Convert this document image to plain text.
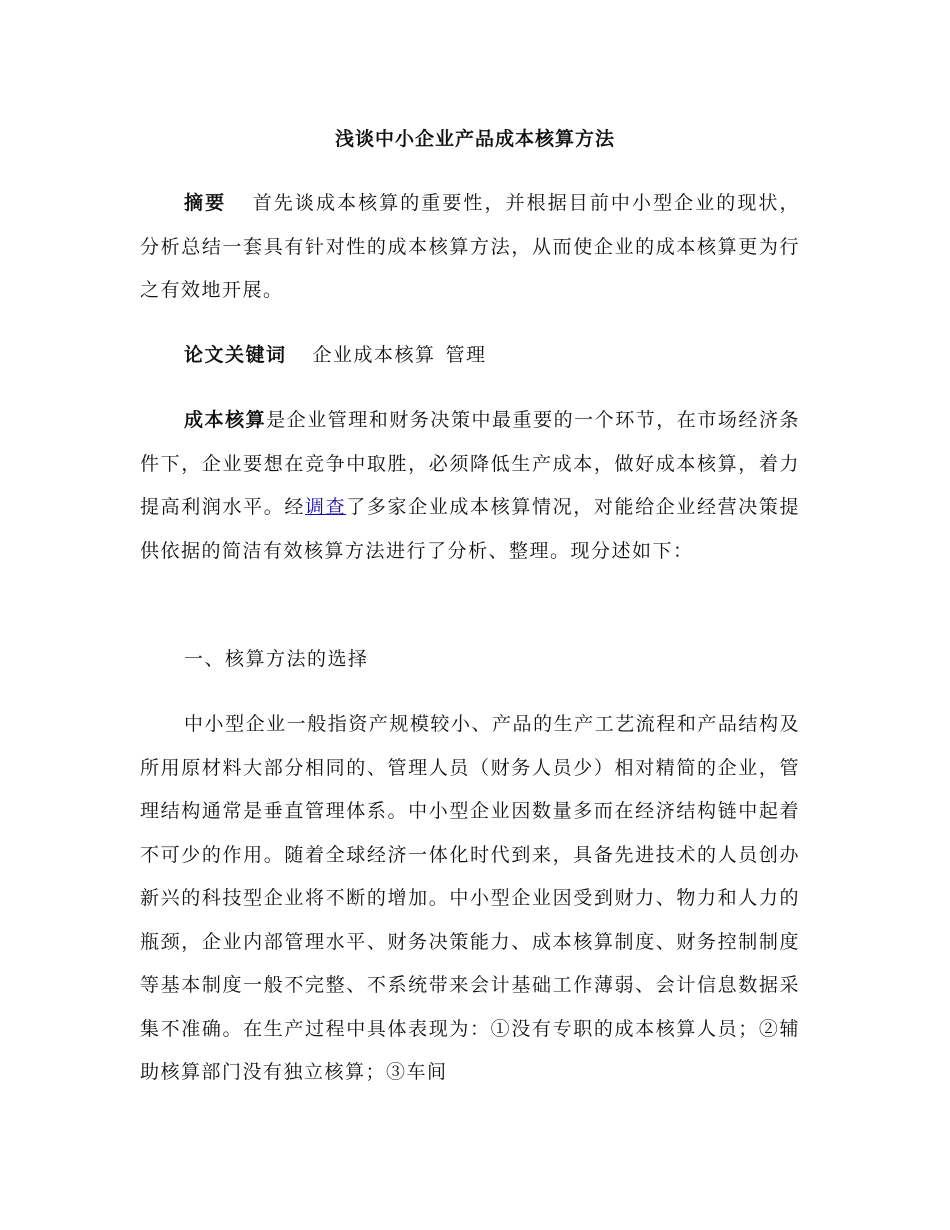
浅谈中小企业产品成本核算方法

摘要 首先谈成本核算的重要性，并根据目前中小型企业的现状，分析总结一套具有针对性的成本核算方法，从而使企业的成本核算更为行之有效地开展。

论文关键词 企业成本核算 管理

成本核算是企业管理和财务决策中最重要的一个环节，在市场经济条件下，企业要想在竞争中取胜，必须降低生产成本，做好成本核算，着力提高利润水平。经调查了多家企业成本核算情况，对能给企业经营决策提供依据的简洁有效核算方法进行了分析、整理。现分述如下：

一、核算方法的选择

中小型企业一般指资产规模较小、产品的生产工艺流程和产品结构及所用原材料大部分相同的、管理人员（财务人员少）相对精简的企业，管理结构通常是垂直管理体系。中小型企业因数量多而在经济结构链中起着不可少的作用。随着全球经济一体化时代到来，具备先进技术的人员创办新兴的科技型企业将不断的增加。中小型企业因受到财力、物力和人力的瓶颈，企业内部管理水平、财务决策能力、成本核算制度、财务控制制度等基本制度一般不完整、不系统带来会计基础工作薄弱、会计信息数据采集不准确。在生产过程中具体表现为：①没有专职的成本核算人员；②辅助核算部门没有独立核算；③车间
